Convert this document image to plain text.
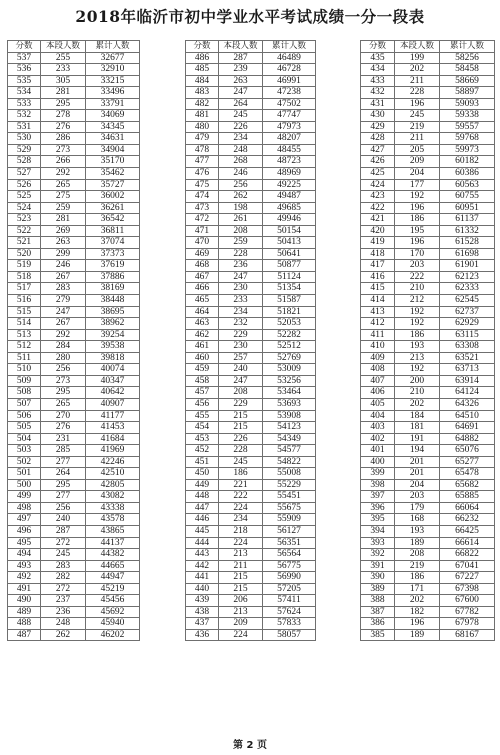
2018年临沂市初中学业水平考试成绩一分一段表
分数	本段人数	累计人数
537	255	32677
536	233	32910
535	305	33215
534	281	33496
533	295	33791
532	278	34069
531	276	34345
530	286	34631
529	273	34904
528	266	35170
527	292	35462
526	265	35727
525	275	36002
524	259	36261
523	281	36542
522	269	36811
521	263	37074
520	299	37373
519	246	37619
518	267	37886
517	283	38169
516	279	38448
515	247	38695
514	267	38962
513	292	39254
512	284	39538
511	280	39818
510	256	40074
509	273	40347
508	295	40642
507	265	40907
506	270	41177
505	276	41453
504	231	41684
503	285	41969
502	277	42246
501	264	42510
500	295	42805
499	277	43082
498	256	43338
497	240	43578
496	287	43865
495	272	44137
494	245	44382
493	283	44665
492	282	44947
491	272	45219
490	237	45456
489	236	45692
488	248	45940
487	262	46202
分数	本段人数	累计人数
486	287	46489
485	239	46728
484	263	46991
483	247	47238
482	264	47502
481	245	47747
480	226	47973
479	234	48207
478	248	48455
477	268	48723
476	246	48969
475	256	49225
474	262	49487
473	198	49685
472	261	49946
471	208	50154
470	259	50413
469	228	50641
468	236	50877
467	247	51124
466	230	51354
465	233	51587
464	234	51821
463	232	52053
462	229	52282
461	230	52512
460	257	52769
459	240	53009
458	247	53256
457	208	53464
456	229	53693
455	215	53908
454	215	54123
453	226	54349
452	228	54577
451	245	54822
450	186	55008
449	221	55229
448	222	55451
447	224	55675
446	234	55909
445	218	56127
444	224	56351
443	213	56564
442	211	56775
441	215	56990
440	215	57205
439	206	57411
438	213	57624
437	209	57833
436	224	58057
分数	本段人数	累计人数
435	199	58256
434	202	58458
433	211	58669
432	228	58897
431	196	59093
430	245	59338
429	219	59557
428	211	59768
427	205	59973
426	209	60182
425	204	60386
424	177	60563
423	192	60755
422	196	60951
421	186	61137
420	195	61332
419	196	61528
418	170	61698
417	203	61901
416	222	62123
415	210	62333
414	212	62545
413	192	62737
412	192	62929
411	186	63115
410	193	63308
409	213	63521
408	192	63713
407	200	63914
406	210	64124
405	202	64326
404	184	64510
403	181	64691
402	191	64882
401	194	65076
400	201	65277
399	201	65478
398	204	65682
397	203	65885
396	179	66064
395	168	66232
394	193	66425
393	189	66614
392	208	66822
391	219	67041
390	186	67227
389	171	67398
388	202	67600
387	182	67782
386	196	67978
385	189	68167
第 2 页
